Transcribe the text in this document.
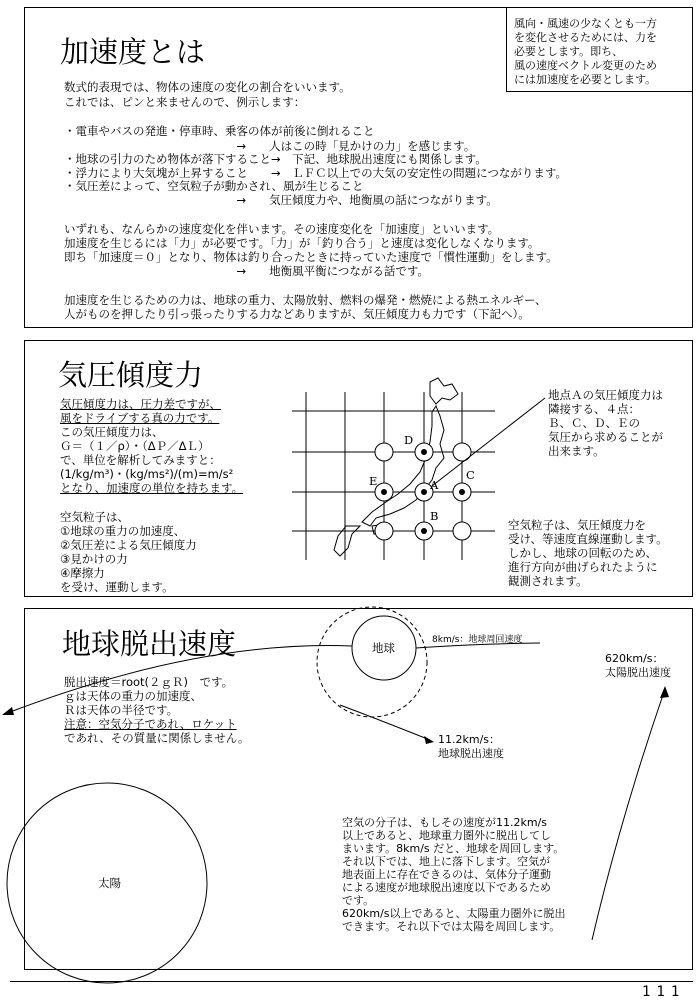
加速度とは
数式的表現では、物体の速度の変化の割合をいいます。
これでは、ピンと来ませんので、例示します：
・電車やバスの発進・停車時、乗客の体が前後に倒れること
　　　　　　　　　　　　　　　→　　人はこの時「見かけの力」を感じます。
・地球の引力のため物体が落下すること→　下記、地球脱出速度にも関係します。
・浮力により大気塊が上昇すること　　→　ＬＦＣ以上での大気の安定性の問題につながります。
・気圧差によって、空気粒子が動かされ、風が生じること
　　　　　　　　　　　　　　　→　　気圧傾度力や、地衡風の話につながります。
いずれも、なんらかの速度変化を伴います。その速度変化を「加速度」といいます。
加速度を生じるには「力」が必要です。「力」が「釣り合う」と速度は変化しなくなります。
即ち「加速度＝０」となり、物体は釣り合ったときに持っていた速度で「慣性運動」をします。
　　　　　　　　　　　　　　　→　　地衡風平衡につながる話です。
加速度を生じるための力は、地球の重力、太陽放射、燃料の爆発・燃焼による熱エネルギー、
人がものを押したり引っ張ったりする力などありますが、気圧傾度力も力です（下記へ）。
風向・風速の少なくとも一方
を変化させるためには、力を
必要とします。即ち、
風の速度ベクトル変更のため
には加速度を必要とします。
気圧傾度力
気圧傾度力は、圧力差ですが、
風をドライブする真の力です。
この気圧傾度力は、
Ｇ＝（１／ρ）・（ΔＰ／ΔＬ）
で、単位を解析してみますと：
(1/kg/m³)・(kg/ms²)/(m)=m/s²
となり、加速度の単位を持ちます。
空気粒子は、
①地球の重力の加速度、
②気圧差による気圧傾度力
③見かけの力
④摩擦力
を受け、運動します。
D
A
C
E
B
地点Ａの気圧傾度力は
隣接する、４点：
Ｂ、Ｃ、Ｄ、Ｅの
気圧から求めることが
出来ます。
空気粒子は、気圧傾度力を
受け、等速度直線運動します。
しかし、地球の回転のため、
進行方向が曲げられたように
観測されます。
地球脱出速度
脱出速度＝root(２ｇＲ)　です。
ｇは天体の重力の加速度、
Ｒは天体の半径です。
注意：空気分子であれ、ロケット
であれ、その質量に関係しません。
地球
太陽
8km/s：地球周回速度
11.2km/s：
地球脱出速度
620km/s：
太陽脱出速度
空気の分子は、もしその速度が11.2km/s
以上であると、地球重力圏外に脱出してし
まいます。8km/s だと、地球を周回します。
それ以下では、地上に落下します。空気が
地表面上に存在できるのは、気体分子運動
による速度が地球脱出速度以下であるため
です。
620km/s以上であると、太陽重力圏外に脱出
できます。それ以下では太陽を周回します。
111
